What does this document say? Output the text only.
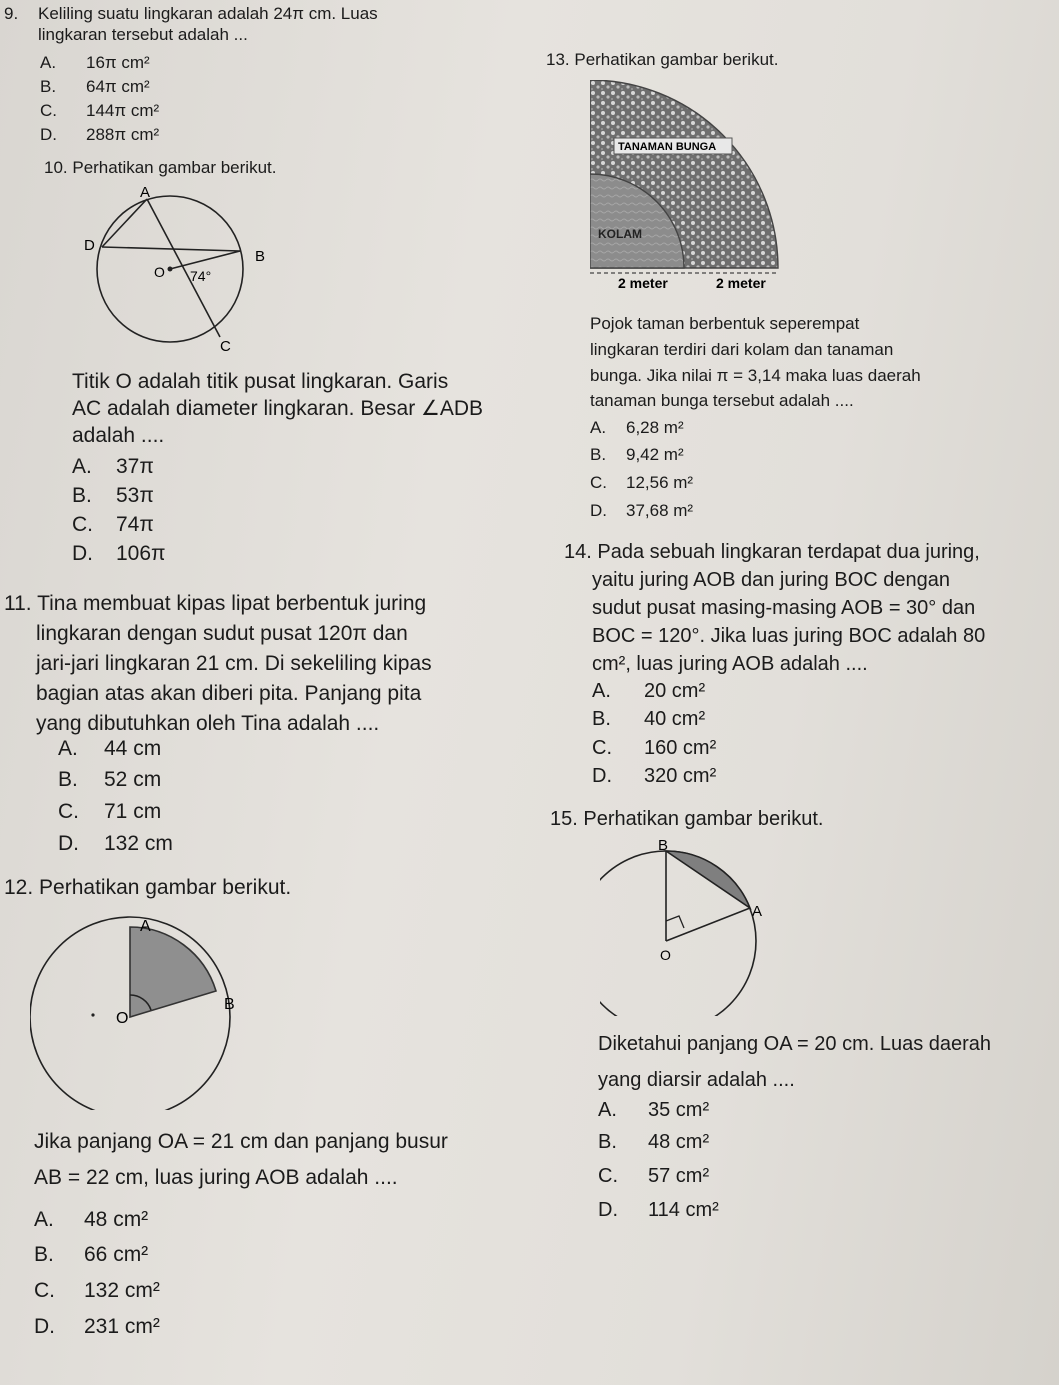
9. Keliling suatu lingkaran adalah 24π cm. Luas
lingkaran tersebut adalah ...
A. 16π cm²
B. 64π cm²
C. 144π cm²
D. 288π cm²
10. Perhatikan gambar berikut.
A
D
B
C
O 74°
Titik O adalah titik pusat lingkaran. Garis
AC adalah diameter lingkaran. Besar ∠ADB
adalah ....
A. 37π
B. 53π
C. 74π
D. 106π
11. Tina membuat kipas lipat berbentuk juring
lingkaran dengan sudut pusat 120π dan
jari-jari lingkaran 21 cm. Di sekeliling kipas
bagian atas akan diberi pita. Panjang pita
yang dibutuhkan oleh Tina adalah ....
A. 44 cm
B. 52 cm
C. 71 cm
D. 132 cm
12. Perhatikan gambar berikut.
A
B
O
Jika panjang OA = 21 cm dan panjang busur
AB = 22 cm, luas juring AOB adalah ....
A. 48 cm²
B. 66 cm²
C. 132 cm²
D. 231 cm²
13. Perhatikan gambar berikut.
TANAMAN BUNGA
KOLAM
2 meter	2 meter
Pojok taman berbentuk seperempat
lingkaran terdiri dari kolam dan tanaman
bunga. Jika nilai π = 3,14 maka luas daerah
tanaman bunga tersebut adalah ....
A. 6,28 m²
B. 9,42 m²
C. 12,56 m²
D. 37,68 m²
14. Pada sebuah lingkaran terdapat dua juring,
yaitu juring AOB dan juring BOC dengan
sudut pusat masing-masing AOB = 30° dan
BOC = 120°. Jika luas juring BOC adalah 80
cm², luas juring AOB adalah ....
A. 20 cm²
B. 40 cm²
C. 160 cm²
D. 320 cm²
15. Perhatikan gambar berikut.
B
A
O
Diketahui panjang OA = 20 cm. Luas daerah
yang diarsir adalah ....
A. 35 cm²
B. 48 cm²
C. 57 cm²
D. 114 cm²
